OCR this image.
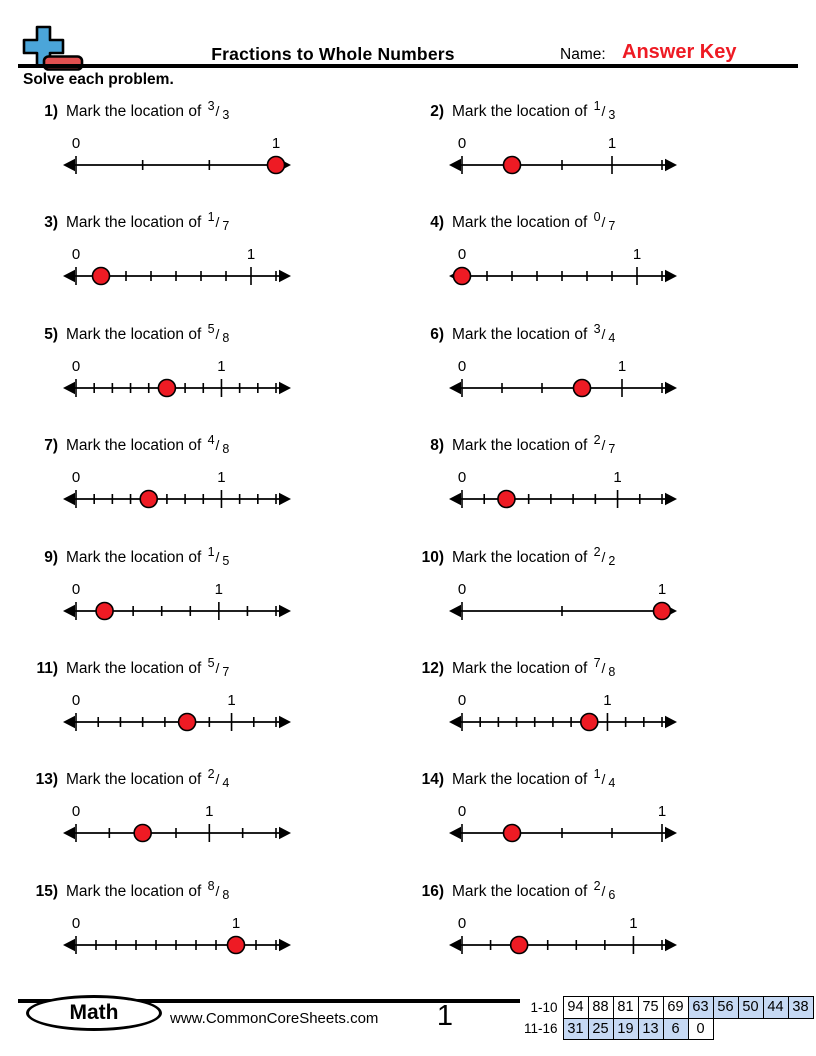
Fractions to Whole Numbers	Name: Answer Key
Solve each problem.
1) Mark the location of $^3$/ $_3$
0	1
2) Mark the location of $^1$/ $_3$
0	1
3) Mark the location of $^1$/ $_7$
0	1
4) Mark the location of $^0$/ $_7$
0	1
5) Mark the location of $^5$/ $_8$
0	1
6) Mark the location of $^3$/ $_4$
0	1
7) Mark the location of $^4$/ $_8$
0	1
8) Mark the location of $^2$/ $_7$
0	1
9) Mark the location of $^1$/ $_5$
0	1
10) Mark the location of $^2$/ $_2$
0	1
11) Mark the location of $^5$/ $_7$
0	1
12) Mark the location of $^7$/ $_8$
0	1
13) Mark the location of $^2$/ $_4$
0	1
14) Mark the location of $^1$/ $_4$
0	1
15) Mark the location of $^8$/ $_8$
0	1
16) Mark the location of $^2$/ $_6$
0	1
Math	www.CommonCoreSheets.com 1	1-10	94	88	81	75	69	63	56	50	44	38
11-16	31	25	19	13	6	0				
